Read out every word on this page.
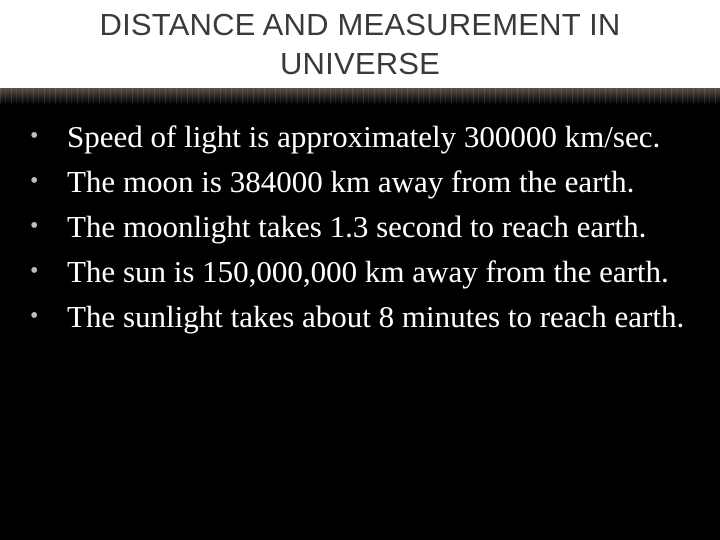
DISTANCE AND MEASUREMENT IN UNIVERSE
• Speed of light is approximately 300000 km/sec.
• The moon is 384000 km away from the earth.
• The moonlight takes 1.3 second to reach earth.
• The sun is 150,000,000 km away from the earth.
• The sunlight takes about 8 minutes to reach earth.
